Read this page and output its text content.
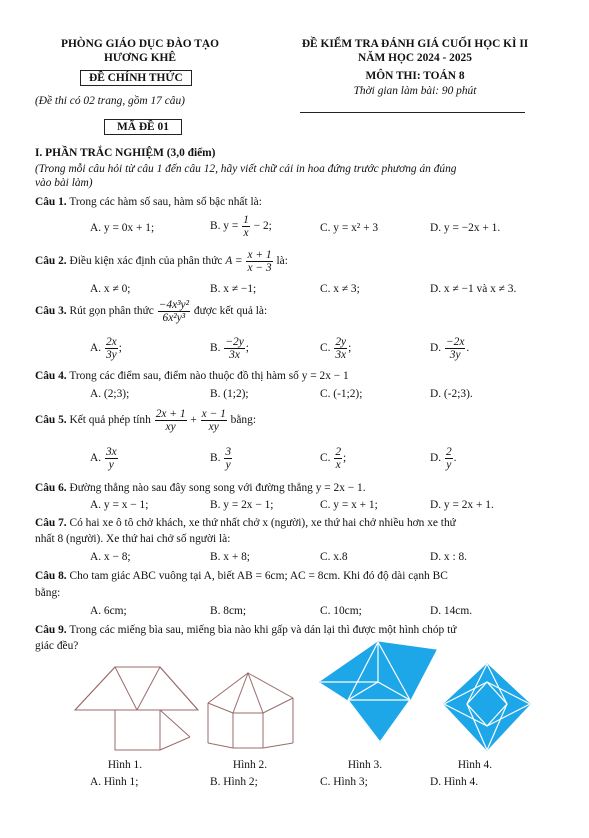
PHÒNG GIÁO DỤC ĐÀO TẠO
HƯƠNG KHÊ
ĐỀ CHÍNH THỨC
(Đề thi có 02 trang, gồm 17 câu)
ĐỀ KIỂM TRA ĐÁNH GIÁ CUỐI HỌC KÌ II
NĂM HỌC 2024 - 2025
MÔN THI: TOÁN 8
Thời gian làm bài: 90 phút
MÃ ĐỀ 01
I. PHẦN TRẮC NGHIỆM (3,0 điểm)
(Trong mỗi câu hỏi từ câu 1 đến câu 12, hãy viết chữ cái in hoa đứng trước phương án đúng
vào bài làm)
Câu 1. Trong các hàm số sau, hàm số bậc nhất là:
A. y = 0x + 1;	B. $y = \frac{1}{x} - 2$;	C. y = x² + 3	D. y = −2x + 1.
Câu 2. Điều kiện xác định của phân thức $A = \frac{x + 1}{x - 3}$ là:
A. x ≠ 0;	B. x ≠ −1;	C. x ≠ 3;	D. x ≠ −1 và x ≠ 3.
Câu 3. Rút gọn phân thức $\frac{\text{−4x³y²}}{\text{6x²y³}}$ được kết quả là:
A. $\frac{2x}{3y}$ ;	B. $\frac{-2y}{3x}$ ;	C. $\frac{2y}{3x}$ ;	D. $\frac{-2x}{3y}$ .
Câu 4. Trong các điểm sau, điểm nào thuộc đồ thị hàm số y = 2x − 1
A. (2;3);	B. (1;2);	C. (-1;2);	D. (-2;3).
Câu 5. Kết quả phép tính $\frac{2x + 1}{xy} + \frac{x - 1}{xy}$ bằng:
A. $\frac{3x}{y}$	B. $\frac{3}{y}$	C. $\frac{2}{x}$ ;	D. $\frac{2}{y}$ .
Câu 6. Đường thẳng nào sau đây song song với đường thẳng y = 2x − 1.
A. y = x − 1;	B. y = 2x − 1;	C. y = x + 1;	D. y = 2x + 1.
Câu 7. Có hai xe ô tô chở khách, xe thứ nhất chở x (người), xe thứ hai chở nhiều hơn xe thứ
nhất 8 (người). Xe thứ hai chở số người là:
A. x − 8;	B. x + 8;	C. x.8	D. x : 8.
Câu 8. Cho tam giác ABC vuông tại A, biết AB = 6cm; AC = 8cm. Khi đó độ dài cạnh BC
bằng:
A. 6cm;	B. 8cm;	C. 10cm;	D. 14cm.
Câu 9. Trong các miếng bìa sau, miếng bìa nào khi gấp và dán lại thì được một hình chóp tứ
giác đều?
Hình 1.	Hình 2.	Hình 3.	Hình 4.
A. Hình 1;	B. Hình 2;	C. Hình 3;	D. Hình 4.
